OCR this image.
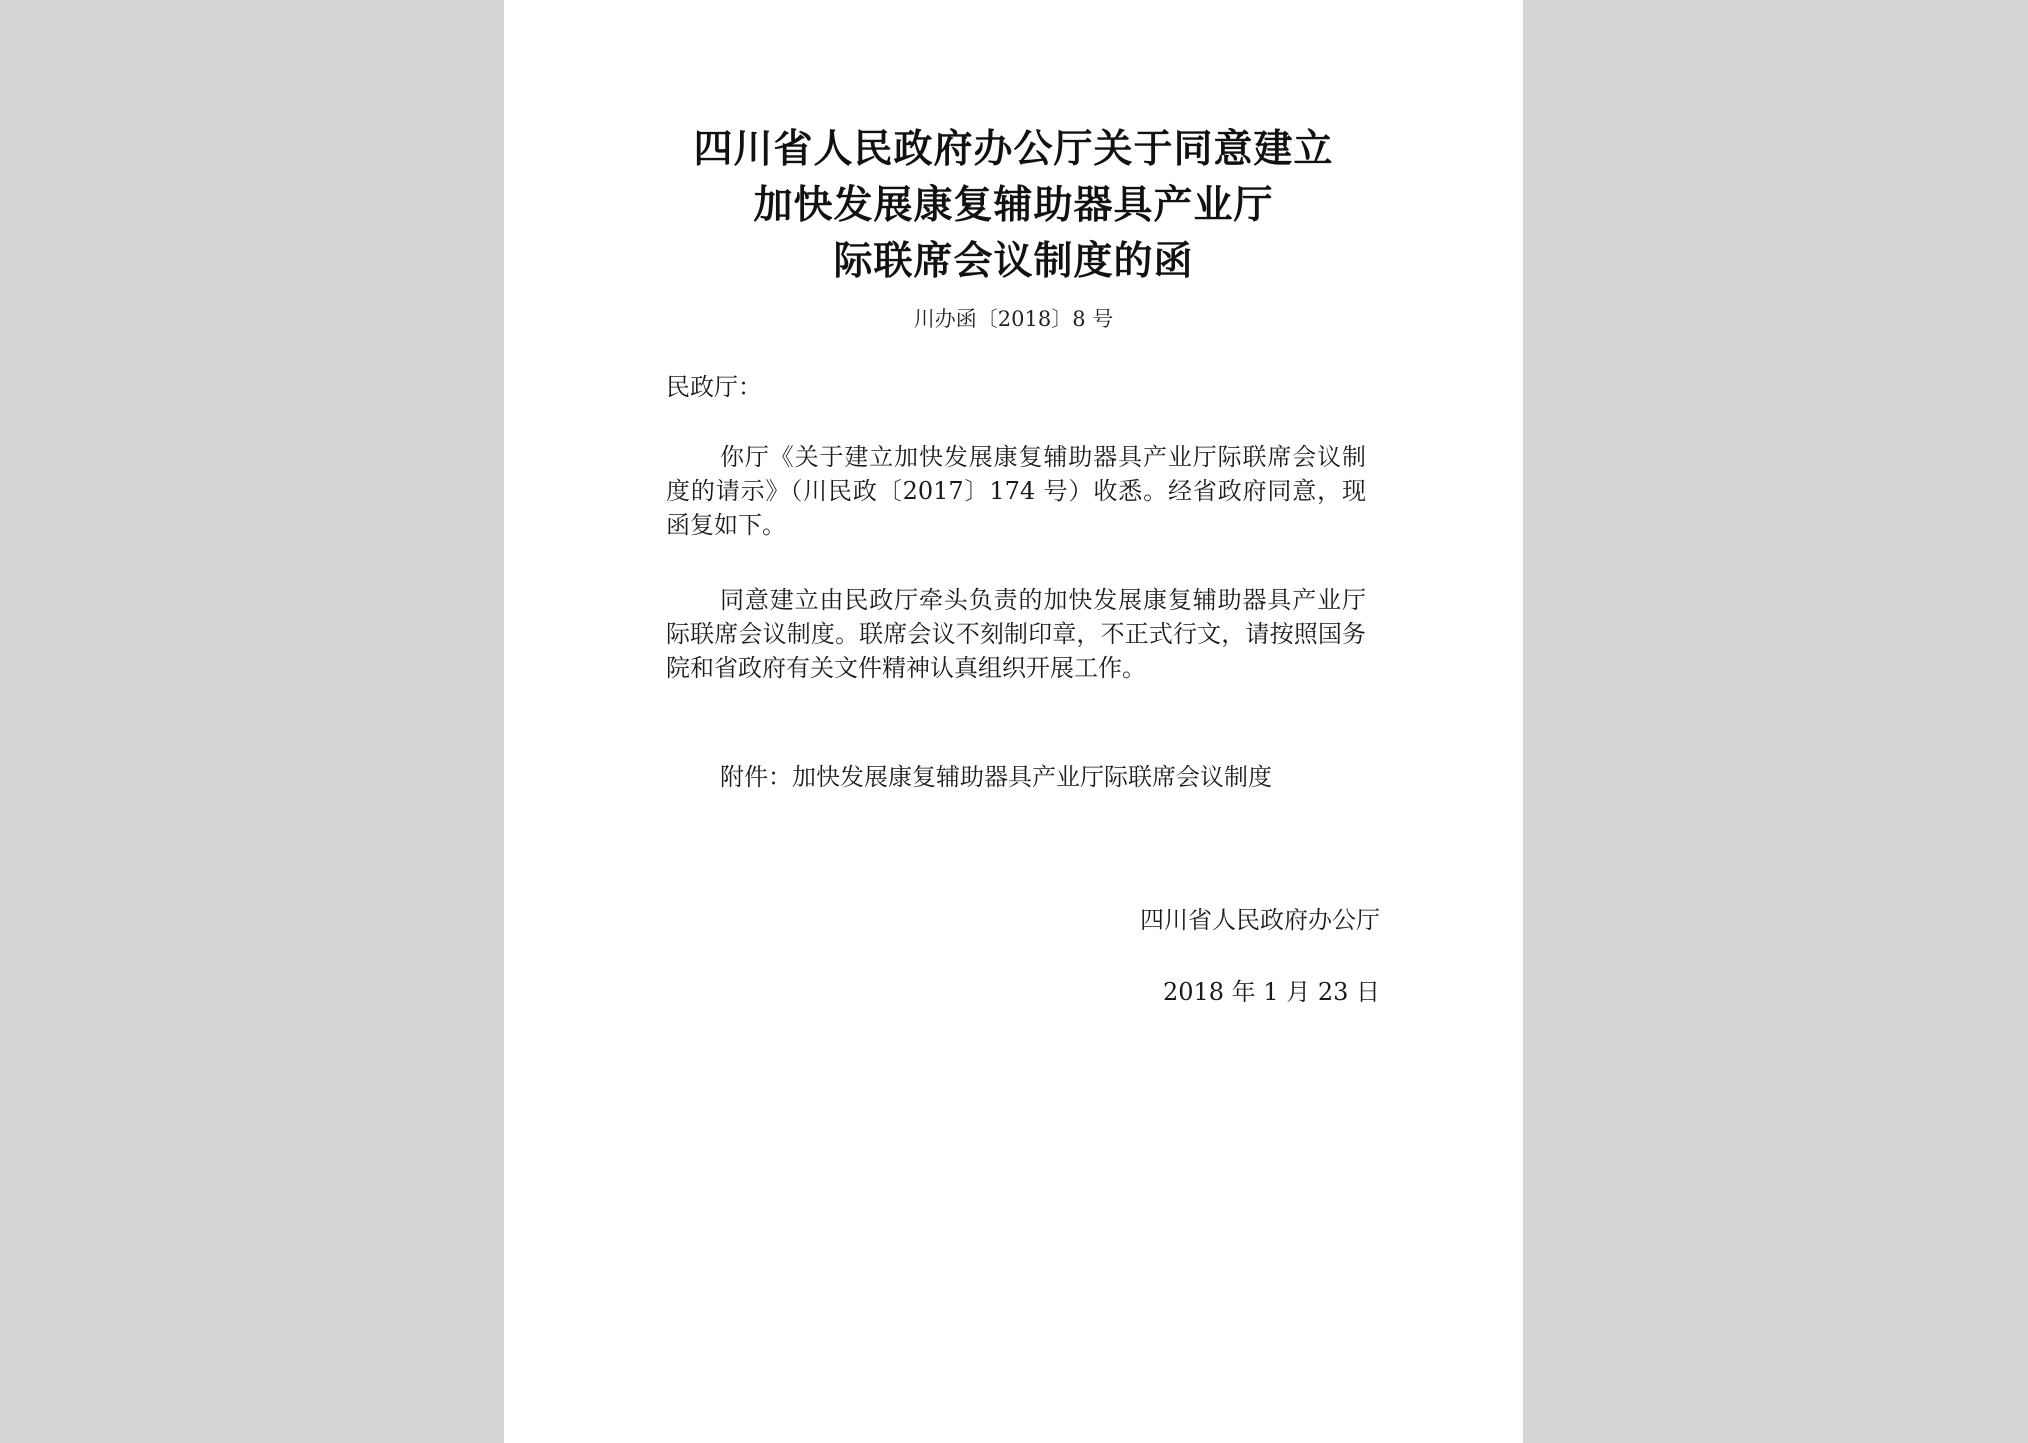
四川省人民政府办公厅关于同意建立
加快发展康复辅助器具产业厅
际联席会议制度的函
川办函〔2018〕8 号
民政厅：
你厅《关于建立加快发展康复辅助器具产业厅际联席会议制度的请示》（川民政〔2017〕174 号）收悉。经省政府同意，现函复如下。
同意建立由民政厅牵头负责的加快发展康复辅助器具产业厅际联席会议制度。联席会议不刻制印章，不正式行文，请按照国务院和省政府有关文件精神认真组织开展工作。
附件：加快发展康复辅助器具产业厅际联席会议制度
四川省人民政府办公厅
2018 年 1 月 23 日
